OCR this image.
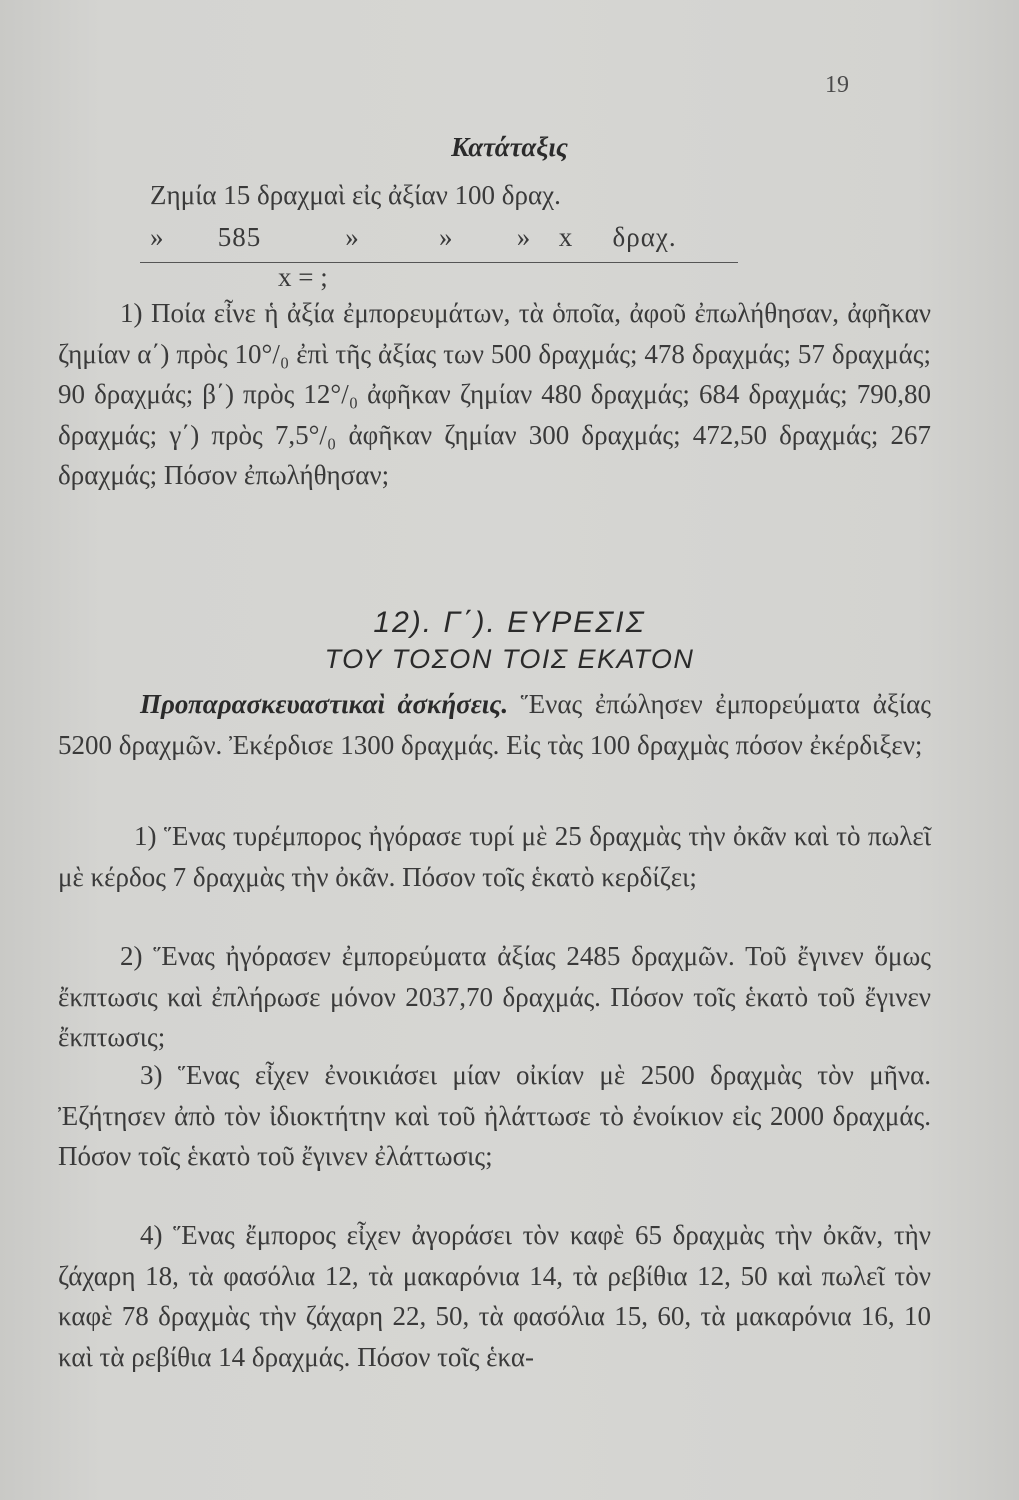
19
Κατάταξις
Ζημία 15 δραχμαὶ εἰς ἀξίαν 100 δραχ.
» 585	»	» » x δραχ.
x = ;

1) Ποία εἶνε ἡ ἀξία ἐμπορευμάτων, τὰ ὁποῖα, ἀφοῦ ἐπωλήθησαν, ἀφῆκαν ζημίαν α΄) πρὸς 10°/₀ ἐπὶ τῆς ἀξίας των 500 δραχμάς; 478 δραχμάς; 57 δραχμάς; 90 δραχμάς; β΄) πρὸς 12°/₀ ἀφῆκαν ζημίαν 480 δραχμάς; 684 δραχμάς; 790,80 δραχμάς; γ΄) πρὸς 7,5°/₀ ἀφῆκαν ζημίαν 300 δραχμάς; 472,50 δραχμάς; 267 δραχμάς; Πόσον ἐπωλήθησαν;

12). Γ΄). ΕΥΡΕΣΙΣ
ΤΟΥ ΤΟΣΟΝ ΤΟΙΣ ΕΚΑΤΟΝ

Προπαρασκευαστικαὶ ἀσκήσεις. Ἕνας ἐπώλησεν ἐμπορεύματα ἀξίας 5200 δραχμῶν. Ἐκέρδισε 1300 δραχμάς. Εἰς τὰς 100 δραχμὰς πόσον ἐκέρδιξεν;

1) Ἕνας τυρέμπορος ἠγόρασε τυρί μὲ 25 δραχμὰς τὴν ὀκᾶν καὶ τὸ πωλεῖ μὲ κέρδος 7 δραχμὰς τὴν ὀκᾶν. Πόσον τοῖς ἑκατὸ κερδίζει;

2) Ἕνας ἠγόρασεν ἐμπορεύματα ἀξίας 2485 δραχμῶν. Τοῦ ἔγινεν ὅμως ἔκπτωσις καὶ ἐπλήρωσε μόνον 2037,70 δραχμάς. Πόσον τοῖς ἑκατὸ τοῦ ἔγινεν ἔκπτωσις;

3) Ἕνας εἶχεν ἐνοικιάσει μίαν οἰκίαν μὲ 2500 δραχμὰς τὸν μῆνα. Ἐζήτησεν ἀπὸ τὸν ἰδιοκτήτην καὶ τοῦ ἠλάττωσε τὸ ἐνοίκιον εἰς 2000 δραχμάς. Πόσον τοῖς ἑκατὸ τοῦ ἔγινεν ἐλάττωσις;

4) Ἕνας ἔμπορος εἶχεν ἀγοράσει τὸν καφὲ 65 δραχμὰς τὴν ὀκᾶν, τὴν ζάχαρη 18, τὰ φασόλια 12, τὰ μακαρόνια 14, τὰ ρεβίθια 12, 50 καὶ πωλεῖ τὸν καφὲ 78 δραχμὰς τὴν ζάχαρη 22, 50, τὰ φασόλια 15, 60, τὰ μακαρόνια 16, 10 καὶ τὰ ρεβίθια 14 δραχμάς. Πόσον τοῖς ἑκα-
